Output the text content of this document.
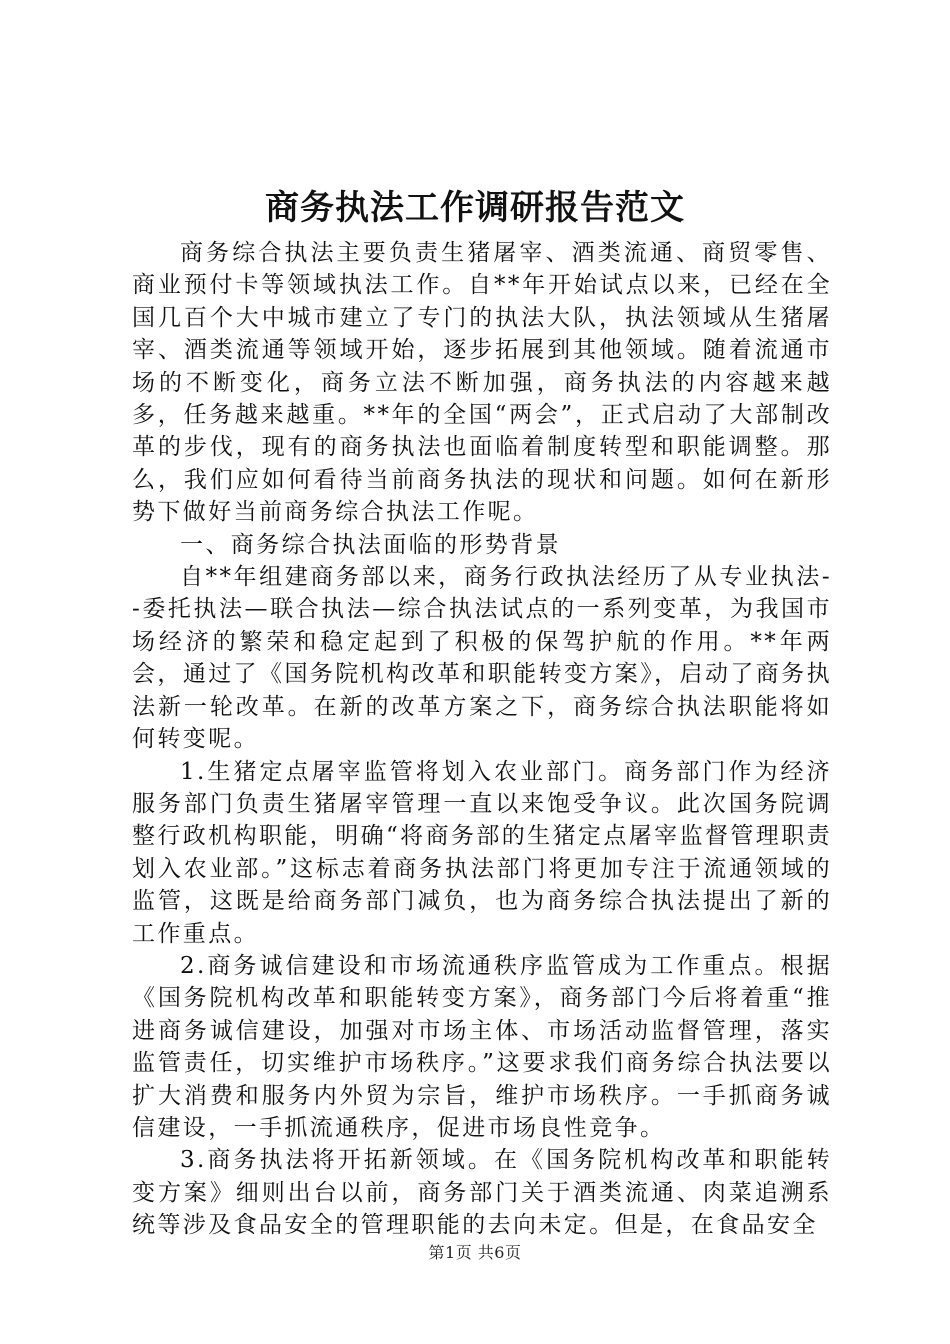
商务执法工作调研报告范文

商务综合执法主要负责生猪屠宰、酒类流通、商贸零售、商业预付卡等领域执法工作。自**年开始试点以来，已经在全国几百个大中城市建立了专门的执法大队，执法领域从生猪屠宰、酒类流通等领域开始，逐步拓展到其他领域。随着流通市场的不断变化，商务立法不断加强，商务执法的内容越来越多，任务越来越重。**年的全国“两会”，正式启动了大部制改革的步伐，现有的商务执法也面临着制度转型和职能调整。那么，我们应如何看待当前商务执法的现状和问题。如何在新形势下做好当前商务综合执法工作呢。

一、商务综合执法面临的形势背景

自**年组建商务部以来，商务行政执法经历了从专业执法--委托执法—联合执法—综合执法试点的一系列变革，为我国市场经济的繁荣和稳定起到了积极的保驾护航的作用。**年两会，通过了《国务院机构改革和职能转变方案》，启动了商务执法新一轮改革。在新的改革方案之下，商务综合执法职能将如何转变呢。

1.生猪定点屠宰监管将划入农业部门。商务部门作为经济服务部门负责生猪屠宰管理一直以来饱受争议。此次国务院调整行政机构职能，明确“将商务部的生猪定点屠宰监督管理职责划入农业部。”这标志着商务执法部门将更加专注于流通领域的监管，这既是给商务部门减负，也为商务综合执法提出了新的工作重点。

2.商务诚信建设和市场流通秩序监管成为工作重点。根据《国务院机构改革和职能转变方案》，商务部门今后将着重“推进商务诚信建设，加强对市场主体、市场活动监督管理，落实监管责任，切实维护市场秩序。”这要求我们商务综合执法要以扩大消费和服务内外贸为宗旨，维护市场秩序。一手抓商务诚信建设，一手抓流通秩序，促进市场良性竞争。

3.商务执法将开拓新领域。在《国务院机构改革和职能转变方案》细则出台以前，商务部门关于酒类流通、肉菜追溯系统等涉及食品安全的管理职能的去向未定。但是，在食品安全

第1页 共6页
